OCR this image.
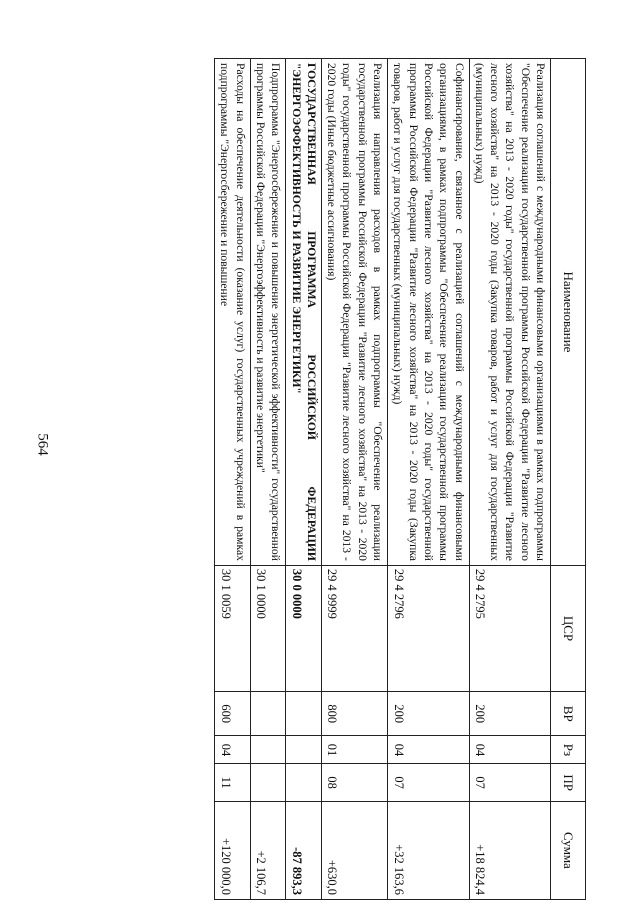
564
Наименование	ЦСР	ВР	Рз	ПР	Сумма
Реализация соглашений с международными финансовыми организациями в рамках подпрограммы "Обеспечение реализации государственной программы Российской Федерации "Развитие лесного хозяйства" на 2013 - 2020 годы" государственной программы Российской Федерации "Развитие лесного хозяйства" на 2013 - 2020 годы (Закупка товаров, работ и услуг для государственных (муниципальных) нужд)	29 4 2795	200	04	07	+18 824,4
Софинансирование, связанное с реализацией соглашений с международными финансовыми организациями, в рамках подпрограммы "Обеспечение реализации государственной программы Российской Федерации "Развитие лесного хозяйства" на 2013 - 2020 годы" государственной программы Российской Федерации "Развитие лесного хозяйства" на 2013 - 2020 годы (Закупка товаров, работ и услуг для государственных (муниципальных) нужд)	29 4 2796	200	04	07	+32 163,6
Реализация направления расходов в рамках подпрограммы "Обеспечение реализации государственной программы Российской Федерации "Развитие лесного хозяйства" на 2013 - 2020 годы" государственной программы Российской Федерации "Развитие лесного хозяйства" на 2013 - 2020 годы (Иные бюджетные ассигнования)	29 4 9999	800	01	08	+630,0
ГОСУДАРСТВЕННАЯ ПРОГРАММА РОССИЙСКОЙ ФЕДЕРАЦИИ "ЭНЕРГОЭФФЕКТИВНОСТЬ И РАЗВИТИЕ ЭНЕРГЕТИКИ"	30 0 0000				-87 893,3
Подпрограмма "Энергосбережение и повышение энергетической эффективности" государственной программы Российской Федерации "Энергоэффективность и развитие энергетики"	30 1 0000				+2 106,7
Расходы на обеспечение деятельности (оказание услуг) государственных учреждений в рамках подпрограммы "Энергосбережение и повышение	30 1 0059	600	04	11	+120 000,0
